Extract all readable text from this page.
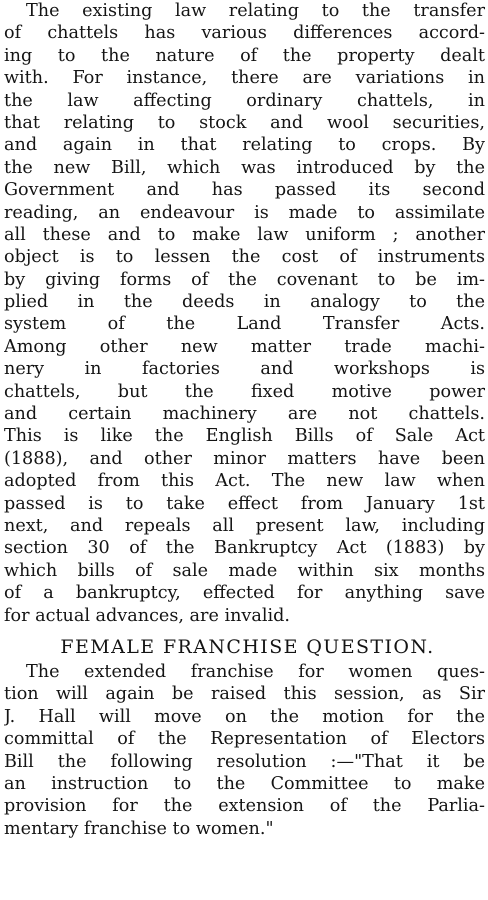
The existing law relating to the transfer
of chattels has various differences accord-
ing to the nature of the property dealt
with. For instance, there are variations in
the law affecting ordinary chattels, in
that relating to stock and wool securities,
and again in that relating to crops. By
the new Bill, which was introduced by the
Government and has passed its second
reading, an endeavour is made to assimilate
all these and to make law uniform ; another
object is to lessen the cost of instruments
by giving forms of the covenant to be im-
plied in the deeds in analogy to the
system of the Land Transfer Acts.
Among other new matter trade machi-
nery in factories and workshops is
chattels, but the fixed motive power
and certain machinery are not chattels.
This is like the English Bills of Sale Act
(1888), and other minor matters have been
adopted from this Act. The new law when
passed is to take effect from January 1st
next, and repeals all present law, including
section 30 of the Bankruptcy Act (1883) by
which bills of sale made within six months
of a bankruptcy, effected for anything save
for actual advances, are invalid.
FEMALE FRANCHISE QUESTION.
The extended franchise for women ques-
tion will again be raised this session, as Sir
J. Hall will move on the motion for the
committal of the Representation of Electors
Bill the following resolution :—"That it be
an instruction to the Committee to make
provision for the extension of the Parlia-
mentary franchise to women."
